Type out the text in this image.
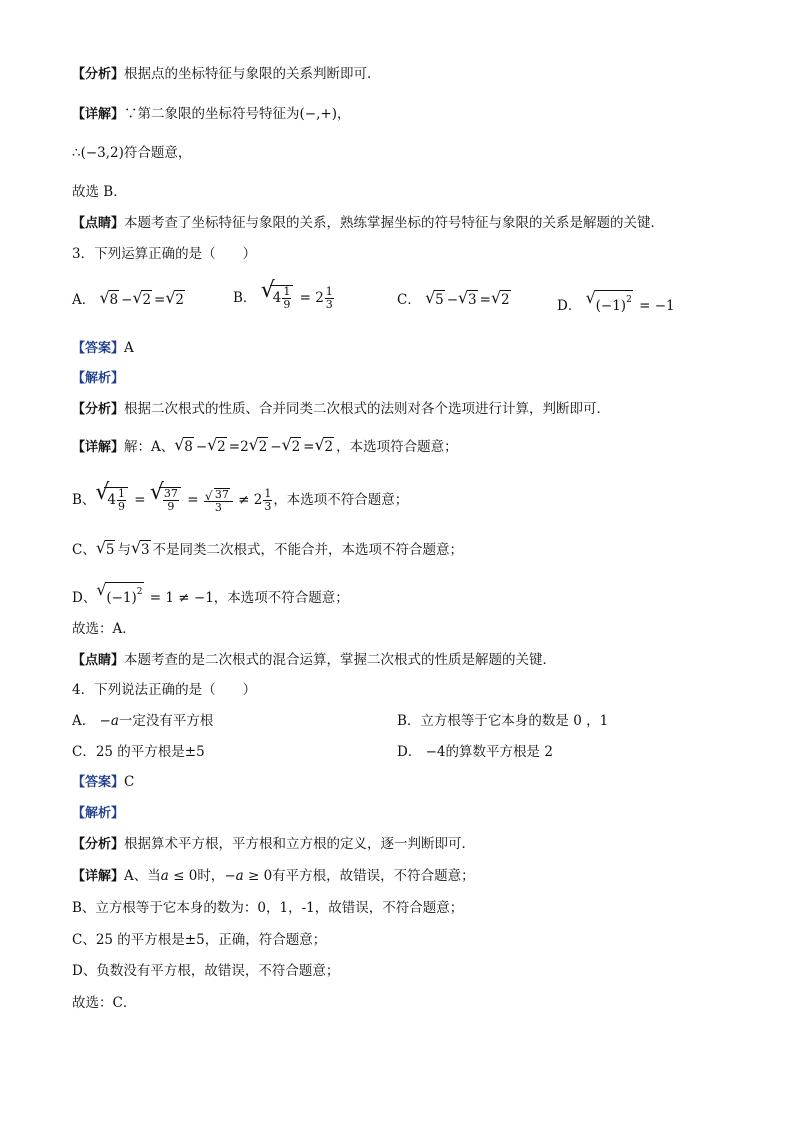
【分析】根据点的坐标特征与象限的关系判断即可．
【详解】∵第二象限的坐标符号特征为(−,+)，
∴(−3,2)符合题意，
故选 B．
【点睛】本题考查了坐标特征与象限的关系，熟练掌握坐标的符号特征与象限的关系是解题的关键．
3．下列运算正确的是（　　）
A． √ 8 − √ 2 = √ 2	B． √
$4 \frac{1}{9} = 2 \frac{1}{3}$	C． √ 5 − √ 3 = √ 2	D． √ $(-1)^2 = -1$
【答案】A
【解析】
【分析】根据二次根式的性质、合并同类二次根式的法则对各个选项进行计算，判断即可．
【详解】解：A、 √ 8 − √ 2 =2 √ 2 − √ 2 = √ 2 ，本选项符合题意；
B、 √
$4 \frac{1}{9}$ = √
$\frac{37}{9} = \frac{√ 37}{3} \ne 2 \frac{1}{3}$ ，本选项不符合题意；
C、 √ 5 与 √ 3 不是同类二次根式，不能合并，本选项不符合题意；
D、 √ $(-1)^2 = 1 \ne -1$，本选项不符合题意；
故选：A．
【点睛】本题考查的是二次根式的混合运算，掌握二次根式的性质是解题的关键．
4．下列说法正确的是（　　）
A． −a一定没有平方根	B．立方根等于它本身的数是 0 ，1
C．25 的平方根是±5	D． −4的算数平方根是 2
【答案】C
【解析】
【分析】根据算术平方根，平方根和立方根的定义，逐一判断即可．
【详解】A、当a ≤ 0时，−a ≥ 0有平方根，故错误，不符合题意；
B、立方根等于它本身的数为：0，1，-1，故错误，不符合题意；
C、25 的平方根是±5，正确，符合题意；
D、负数没有平方根，故错误，不符合题意；
故选：C．
